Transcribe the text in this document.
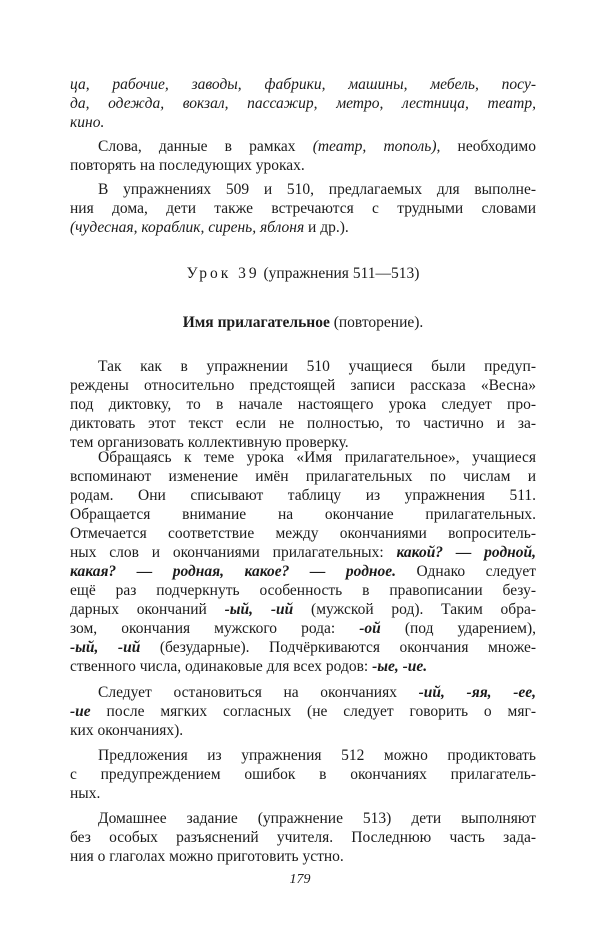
ца, рабочие, заводы, фабрики, машины, мебель, посу-
да, одежда, вокзал, пассажир, метро, лестница, театр,
кино.
Слова, данные в рамках (театр, тополь), необходимо
повторять на последующих уроках.
В упражнениях 509 и 510, предлагаемых для выполне-
ния дома, дети также встречаются с трудными словами
(чудесная, кораблик, сирень, яблоня и др.).
Урок 39 (упражнения 511—513)
Имя прилагательное (повторение).
Так как в упражнении 510 учащиеся были предуп-
реждены относительно предстоящей записи рассказа «Весна»
под диктовку, то в начале настоящего урока следует про-
диктовать этот текст если не полностью, то частично и за-
тем организовать коллективную проверку.
Обращаясь к теме урока «Имя прилагательное», учащиеся
вспоминают изменение имён прилагательных по числам и
родам. Они списывают таблицу из упражнения 511.
Обращается внимание на окончание прилагательных.
Отмечается соответствие между окончаниями вопроситель-
ных слов и окончаниями прилагательных: какой? — родной,
какая? — родная, какое? — родное. Однако следует
ещё раз подчеркнуть особенность в правописании безу-
дарных окончаний -ый, -ий (мужской род). Таким обра-
зом, окончания мужского рода: -ой (под ударением),
-ый, -ий (безударные). Подчёркиваются окончания множе-
ственного числа, одинаковые для всех родов: -ые, -ие.
Следует остановиться на окончаниях -ий, -яя, -ее,
-ие после мягких согласных (не следует говорить о мяг-
ких окончаниях).
Предложения из упражнения 512 можно продиктовать
с предупреждением ошибок в окончаниях прилагатель-
ных.
Домашнее задание (упражнение 513) дети выполняют
без особых разъяснений учителя. Последнюю часть зада-
ния о глаголах можно приготовить устно.
179
